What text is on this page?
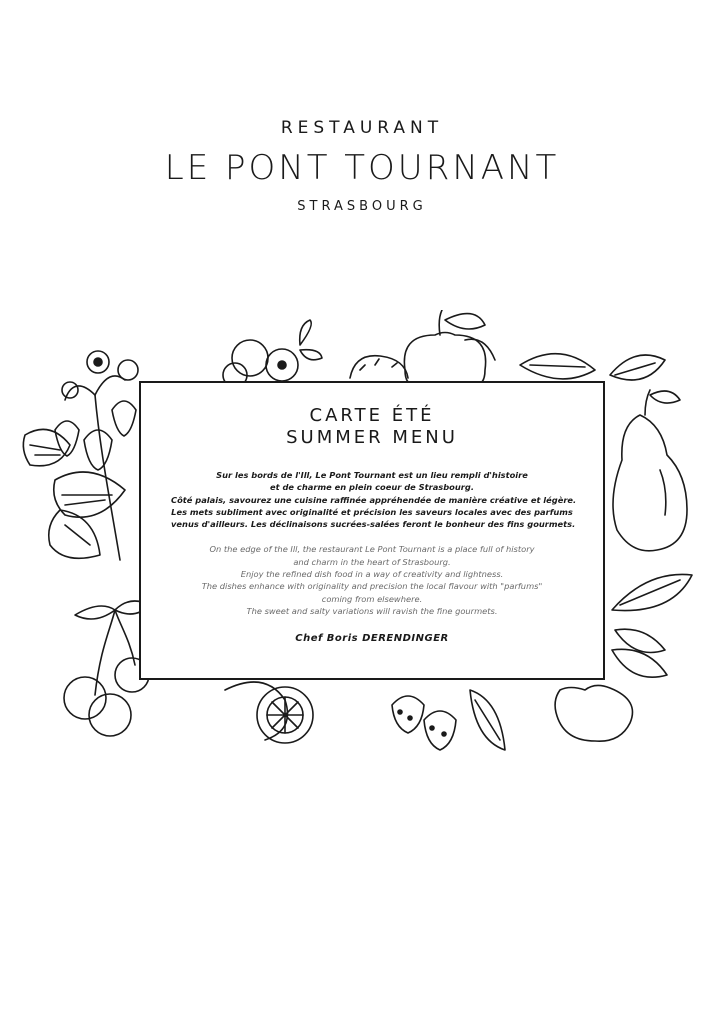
RESTAURANT
LE PONT TOURNANT
STRASBOURG
CARTE ÉTÉ
SUMMER MENU
Sur les bords de l'Ill, Le Pont Tournant est un lieu rempli d'histoire
et de charme en plein coeur de Strasbourg.
Côté palais, savourez une cuisine raffinée appréhendée de manière créative et légère.
Les mets subliment avec originalité et précision les saveurs locales avec des parfums
venus d'ailleurs. Les déclinaisons sucrées-salées feront le bonheur des fins gourmets.
On the edge of the Ill, the restaurant Le Pont Tournant is a place full of history
and charm in the heart of Strasbourg.
Enjoy the refined dish food in a way of creativity and lightness.
The dishes enhance with originality and precision the local flavour with "parfums"
coming from elsewhere.
The sweet and salty variations will ravish the fine gourmets.
Chef Boris DERENDINGER
